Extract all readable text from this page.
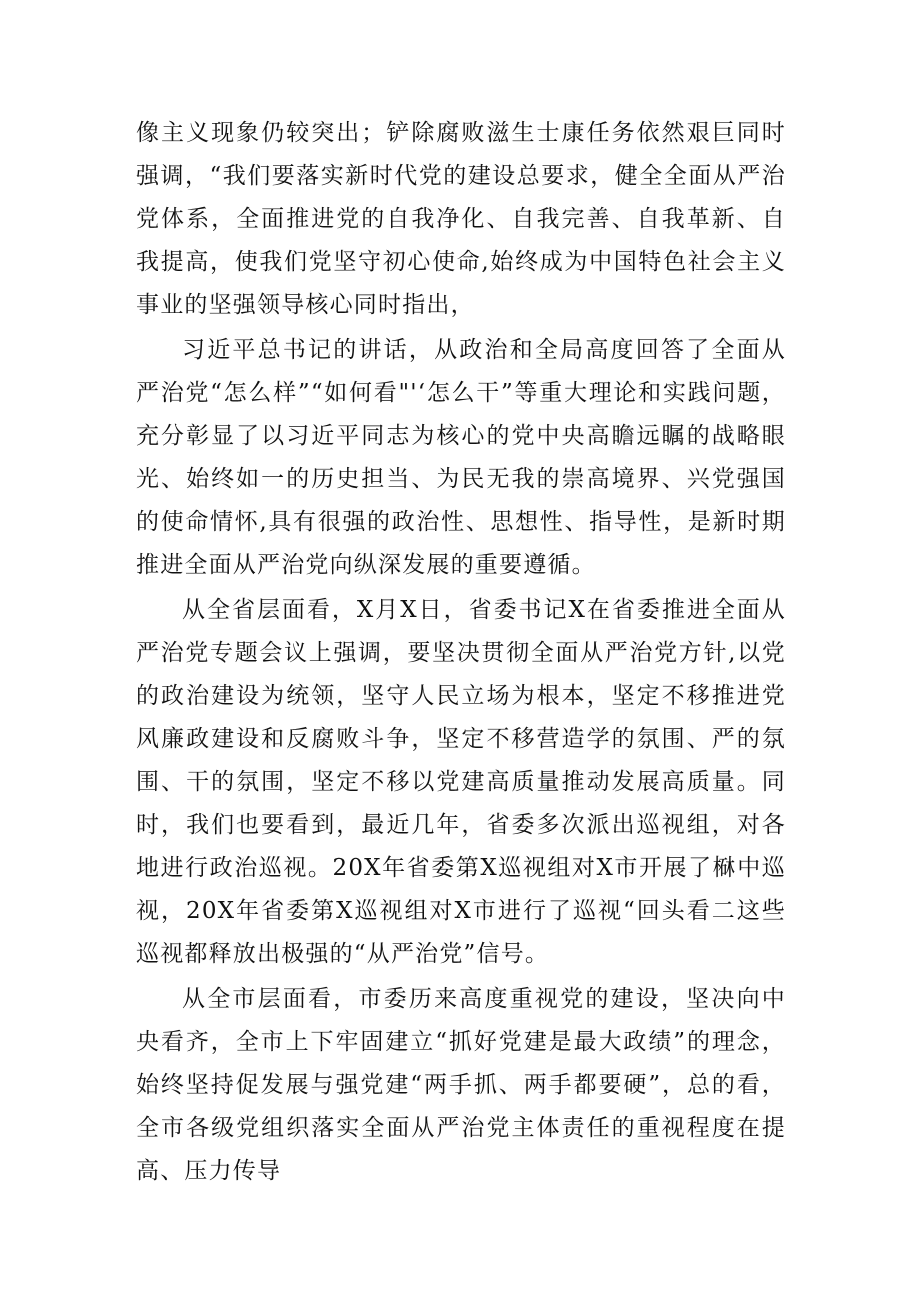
像主义现象仍较突出；铲除腐败滋生士康任务依然艰巨同时强调，“我们要落实新时代党的建设总要求，健全全面从严治党体系，全面推进党的自我净化、自我完善、自我革新、自我提高，使我们党坚守初心使命,始终成为中国特色社会主义事业的坚强领导核心同时指出，

习近平总书记的讲话，从政治和全局高度回答了全面从严治党“怎么样”“如何看"'‘怎么干”等重大理论和实践问题，充分彰显了以习近平同志为核心的党中央高瞻远瞩的战略眼光、始终如一的历史担当、为民无我的崇高境界、兴党强国的使命情怀,具有很强的政治性、思想性、指导性，是新时期推进全面从严治党向纵深发展的重要遵循。

从全省层面看，X月X日，省委书记X在省委推进全面从严治党专题会议上强调，要坚决贯彻全面从严治党方针,以党的政治建设为统领，坚守人民立场为根本，坚定不移推进党风廉政建设和反腐败斗争，坚定不移营造学的氛围、严的氛围、干的氛围，坚定不移以党建高质量推动发展高质量。同时，我们也要看到，最近几年，省委多次派出巡视组，对各地进行政治巡视。20X年省委第X巡视组对X市开展了㮟中巡视，20X年省委第X巡视组对X市进行了巡视“回头看二这些巡视都释放出极强的“从严治党”信号。

从全市层面看，市委历来高度重视党的建设，坚决向中央看齐，全市上下牢固建立“抓好党建是最大政绩”的理念，始终坚持促发展与强党建“两手抓、两手都要硬”，总的看，全市各级党组织落实全面从严治党主体责任的重视程度在提高、压力传导
